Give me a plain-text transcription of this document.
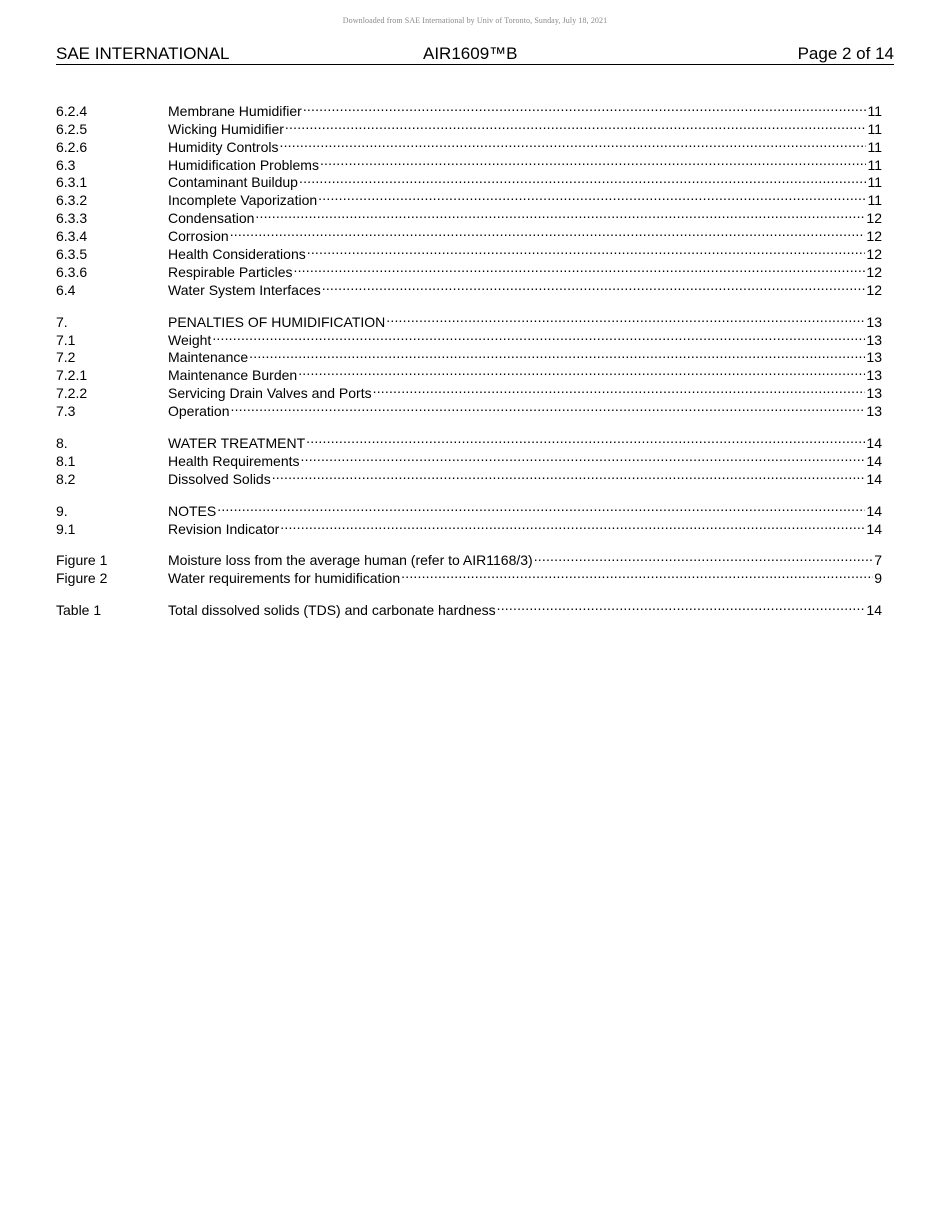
Downloaded from SAE International by Univ of Toronto, Sunday, July 18, 2021
SAE INTERNATIONAL	AIR1609™B	Page 2 of 14
6.2.4	Membrane Humidifier .....	11
6.2.5	Wicking Humidifier .....	11
6.2.6	Humidity Controls .....	11
6.3	Humidification Problems .....	11
6.3.1	Contaminant Buildup .....	11
6.3.2	Incomplete Vaporization .....	11
6.3.3	Condensation .....	12
6.3.4	Corrosion .....	12
6.3.5	Health Considerations .....	12
6.3.6	Respirable Particles .....	12
6.4	Water System Interfaces .....	12
7.	PENALTIES OF HUMIDIFICATION .....	13
7.1	Weight .....	13
7.2	Maintenance .....	13
7.2.1	Maintenance Burden .....	13
7.2.2	Servicing Drain Valves and Ports .....	13
7.3	Operation .....	13
8.	WATER TREATMENT .....	14
8.1	Health Requirements .....	14
8.2	Dissolved Solids .....	14
9.	NOTES .....	14
9.1	Revision Indicator .....	14
Figure 1	Moisture loss from the average human (refer to AIR1168/3) .....	7
Figure 2	Water requirements for humidification .....	9
Table 1	Total dissolved solids (TDS) and carbonate hardness .....	14
